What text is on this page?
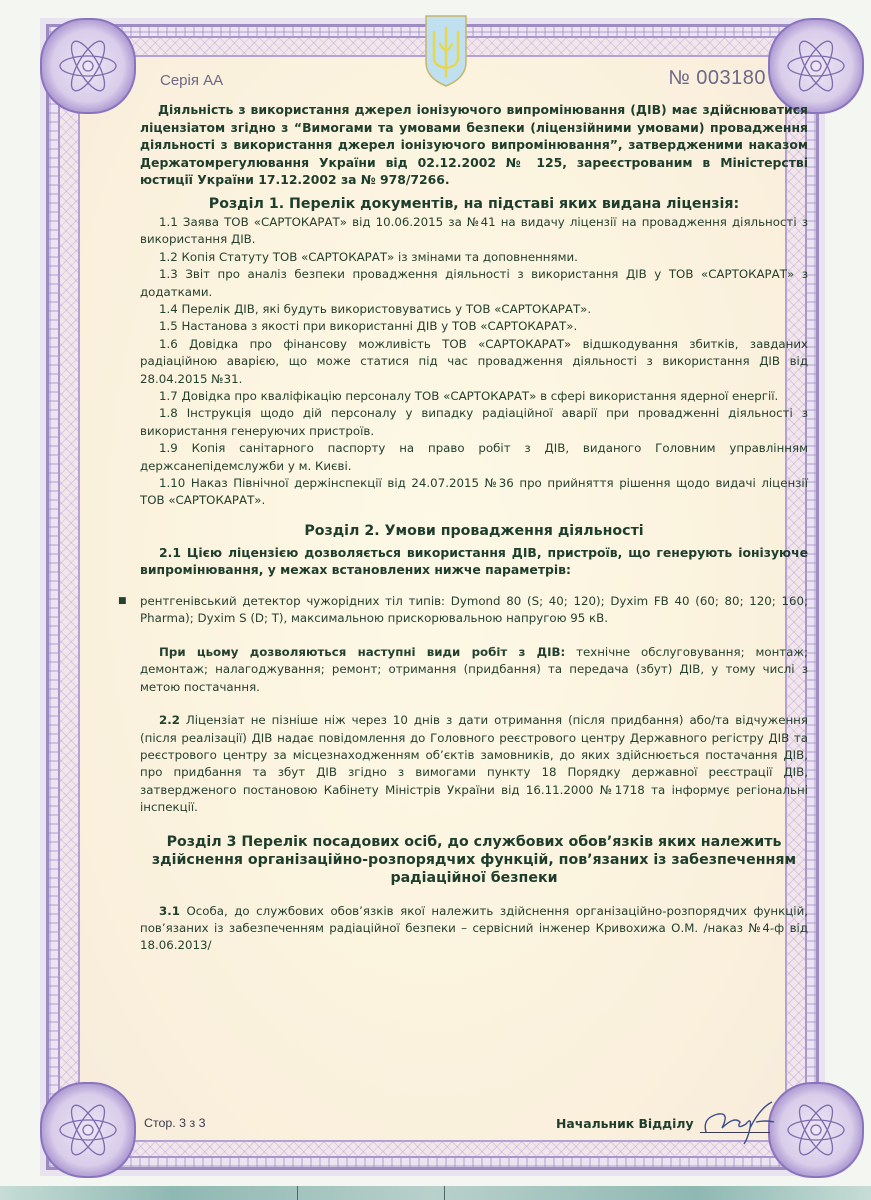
Серія АА	№ 003180

Діяльність з використання джерел іонізуючого випромінювання (ДІВ) має здійснюватися ліцензіатом згідно з “Вимогами та умовами безпеки (ліцензійними умовами) провадження діяльності з використання джерел іонізуючого випромінювання”, затвердженими наказом Держатомрегулювання України від 02.12.2002 № 125, зареєстрованим в Міністерстві юстиції України 17.12.2002 за № 978/7266.

Розділ 1. Перелік документів, на підставі яких видана ліцензія:

1.1 Заява ТОВ «САРТОКАРАТ» від 10.06.2015 за №41 на видачу ліцензії на провадження діяльності з використання ДІВ.

1.2 Копія Статуту ТОВ «САРТОКАРАТ» із змінами та доповненнями.

1.3 Звіт про аналіз безпеки провадження діяльності з використання ДІВ у ТОВ «САРТОКАРАТ» з додатками.

1.4 Перелік ДІВ, які будуть використовуватись у ТОВ «САРТОКАРАТ».

1.5 Настанова з якості при використанні ДІВ у ТОВ «САРТОКАРАТ».

1.6 Довідка про фінансову можливість ТОВ «САРТОКАРАТ» відшкодування збитків, завданих радіаційною аварією, що може статися під час провадження діяльності з використання ДІВ від 28.04.2015 №31.

1.7 Довідка про кваліфікацію персоналу ТОВ «САРТОКАРАТ» в сфері використання ядерної енергії.

1.8 Інструкція щодо дій персоналу у випадку радіаційної аварії при провадженні діяльності з використання генеруючих пристроїв.

1.9 Копія санітарного паспорту на право робіт з ДІВ, виданого Головним управлінням держсанепідемслужби у м. Києві.

1.10 Наказ Північної держінспекції від 24.07.2015 №36 про прийняття рішення щодо видачі ліцензії ТОВ «САРТОКАРАТ».

Розділ 2. Умови провадження діяльності

2.1 Цією ліцензією дозволяється використання ДІВ, пристроїв, що генерують іонізуюче випромінювання, у межах встановлених нижче параметрів:

■	рентгенівський детектор чужорідних тіл типів: Dymond 80 (S; 40; 120); Dyxim FB 40 (60; 80; 120; 160; Pharma); Dyxim S (D; T), максимальною прискорювальною напругою 95 кВ.

При цьому дозволяються наступні види робіт з ДІВ: технічне обслуговування; монтаж; демонтаж; налагоджування; ремонт; отримання (придбання) та передача (збут) ДІВ, у тому числі з метою постачання.

2.2 Ліцензіат не пізніше ніж через 10 днів з дати отримання (після придбання) або/та відчуження (після реалізації) ДІВ надає повідомлення до Головного реєстрового центру Державного регістру ДІВ та реєстрового центру за місцезнаходженням об’єктів замовників, до яких здійснюється постачання ДІВ, про придбання та збут ДІВ згідно з вимогами пункту 18 Порядку державної реєстрації ДІВ, затвердженого постановою Кабінету Міністрів України від 16.11.2000 №1718 та інформує регіональні інспекції.

Розділ 3 Перелік посадових осіб, до службових обов’язків яких належить здійснення організаційно-розпорядчих функцій, пов’язаних із забезпеченням радіаційної безпеки

3.1 Особа, до службових обов’язків якої належить здійснення організаційно-розпорядчих функцій, пов’язаних із забезпеченням радіаційної безпеки – сервісний інженер Кривохижа О.М. /наказ №4-ф від 18.06.2013/

Стор. 3 з 3	Начальник Відділу
